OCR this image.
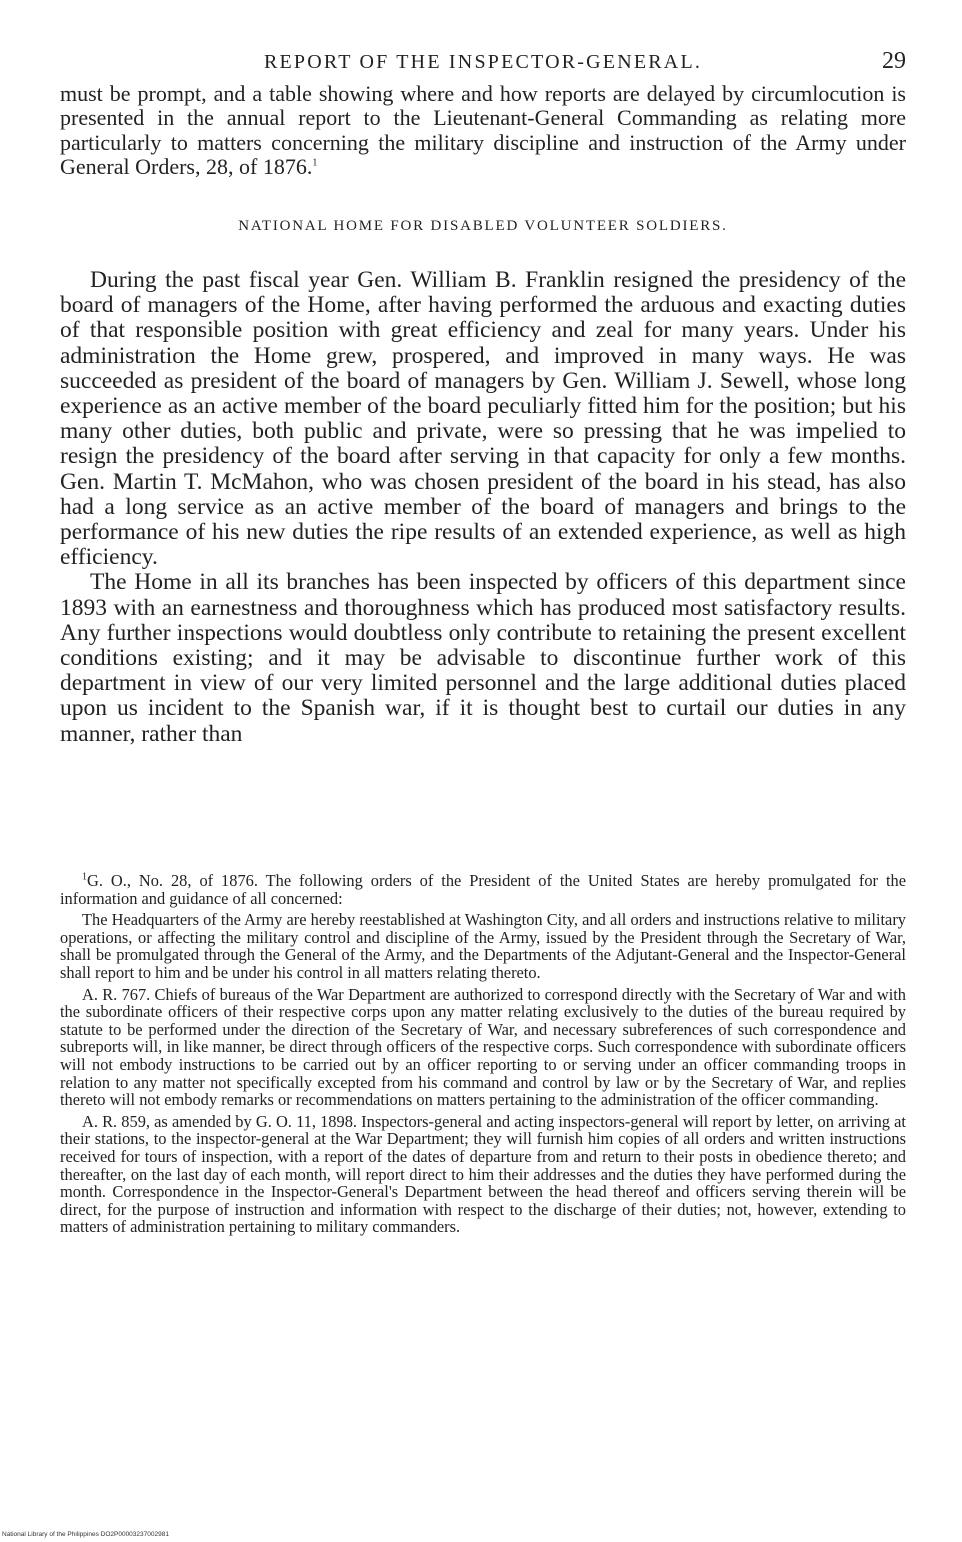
REPORT OF THE INSPECTOR-GENERAL.	29

must be prompt, and a table showing where and how reports are delayed by circumlocution is presented in the annual report to the Lieutenant-General Commanding as relating more particularly to matters concerning the military discipline and instruction of the Army under General Orders, 28, of 1876.$^1$

NATIONAL HOME FOR DISABLED VOLUNTEER SOLDIERS.

During the past fiscal year Gen. William B. Franklin resigned the presidency of the board of managers of the Home, after having performed the arduous and exacting duties of that responsible position with great efficiency and zeal for many years. Under his administration the Home grew, prospered, and improved in many ways. He was succeeded as president of the board of managers by Gen. William J. Sewell, whose long experience as an active member of the board peculiarly fitted him for the position; but his many other duties, both public and private, were so pressing that he was impelied to resign the presidency of the board after serving in that capacity for only a few months. Gen. Martin T. McMahon, who was chosen president of the board in his stead, has also had a long service as an active member of the board of managers and brings to the performance of his new duties the ripe results of an extended experience, as well as high efficiency.

The Home in all its branches has been inspected by officers of this department since 1893 with an earnestness and thoroughness which has produced most satisfactory results. Any further inspections would doubtless only contribute to retaining the present excellent conditions existing; and it may be advisable to discontinue further work of this department in view of our very limited personnel and the large additional duties placed upon us incident to the Spanish war, if it is thought best to curtail our duties in any manner, rather than

$^1$G. O., No. 28, of 1876. The following orders of the President of the United States are hereby promulgated for the information and guidance of all concerned:

The Headquarters of the Army are hereby reestablished at Washington City, and all orders and instructions relative to military operations, or affecting the military control and discipline of the Army, issued by the President through the Secretary of War, shall be promulgated through the General of the Army, and the Departments of the Adjutant-General and the Inspector-General shall report to him and be under his control in all matters relating thereto.

A. R. 767. Chiefs of bureaus of the War Department are authorized to correspond directly with the Secretary of War and with the subordinate officers of their respective corps upon any matter relating exclusively to the duties of the bureau required by statute to be performed under the direction of the Secretary of War, and necessary subreferences of such correspondence and subreports will, in like manner, be direct through officers of the respective corps. Such correspondence with subordinate officers will not embody instructions to be carried out by an officer reporting to or serving under an officer commanding troops in relation to any matter not specifically excepted from his command and control by law or by the Secretary of War, and replies thereto will not embody remarks or recommendations on matters pertaining to the administration of the officer commanding.

A. R. 859, as amended by G. O. 11, 1898. Inspectors-general and acting inspectors-general will report by letter, on arriving at their stations, to the inspector-general at the War Department; they will furnish him copies of all orders and written instructions received for tours of inspection, with a report of the dates of departure from and return to their posts in obedience thereto; and thereafter, on the last day of each month, will report direct to him their addresses and the duties they have performed during the month. Correspondence in the Inspector-General's Department between the head thereof and officers serving therein will be direct, for the purpose of instruction and information with respect to the discharge of their duties; not, however, extending to matters of administration pertaining to military commanders.

National Library of the Philippines DO2P00003237002981
